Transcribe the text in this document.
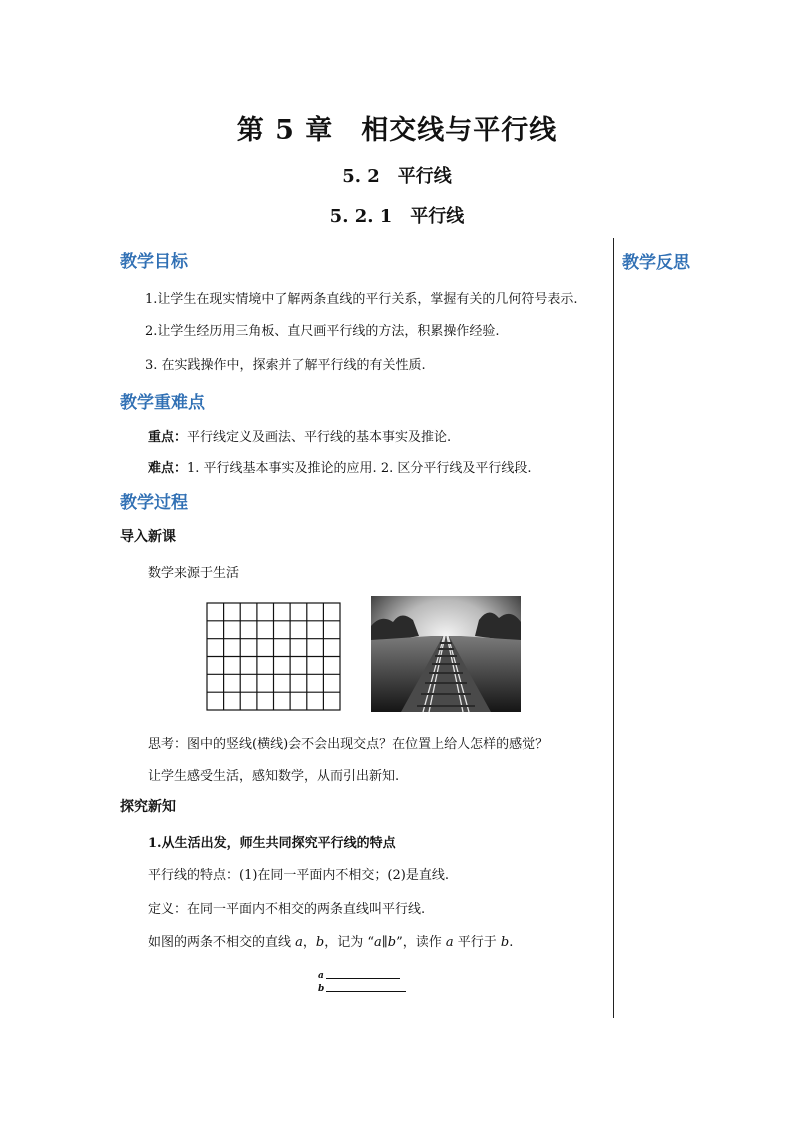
第 5 章　相交线与平行线
5. 2　平行线
5. 2. 1　平行线
教学反思
教学目标
1.让学生在现实情境中了解两条直线的平行关系，掌握有关的几何符号表示.
2.让学生经历用三角板、直尺画平行线的方法，积累操作经验.
3. 在实践操作中，探索并了解平行线的有关性质.
教学重难点
重点：平行线定义及画法、平行线的基本事实及推论.
难点：1. 平行线基本事实及推论的应用. 2. 区分平行线及平行线段.
教学过程
导入新课
数学来源于生活
思考：图中的竖线(横线)会不会出现交点？在位置上给人怎样的感觉？
让学生感受生活，感知数学，从而引出新知.
探究新知
1.从生活出发，师生共同探究平行线的特点
平行线的特点：(1)在同一平面内不相交；(2)是直线.
定义：在同一平面内不相交的两条直线叫平行线.
如图的两条不相交的直线 a，b，记为 “a∥b”，读作 a 平行于 b.
a
b
